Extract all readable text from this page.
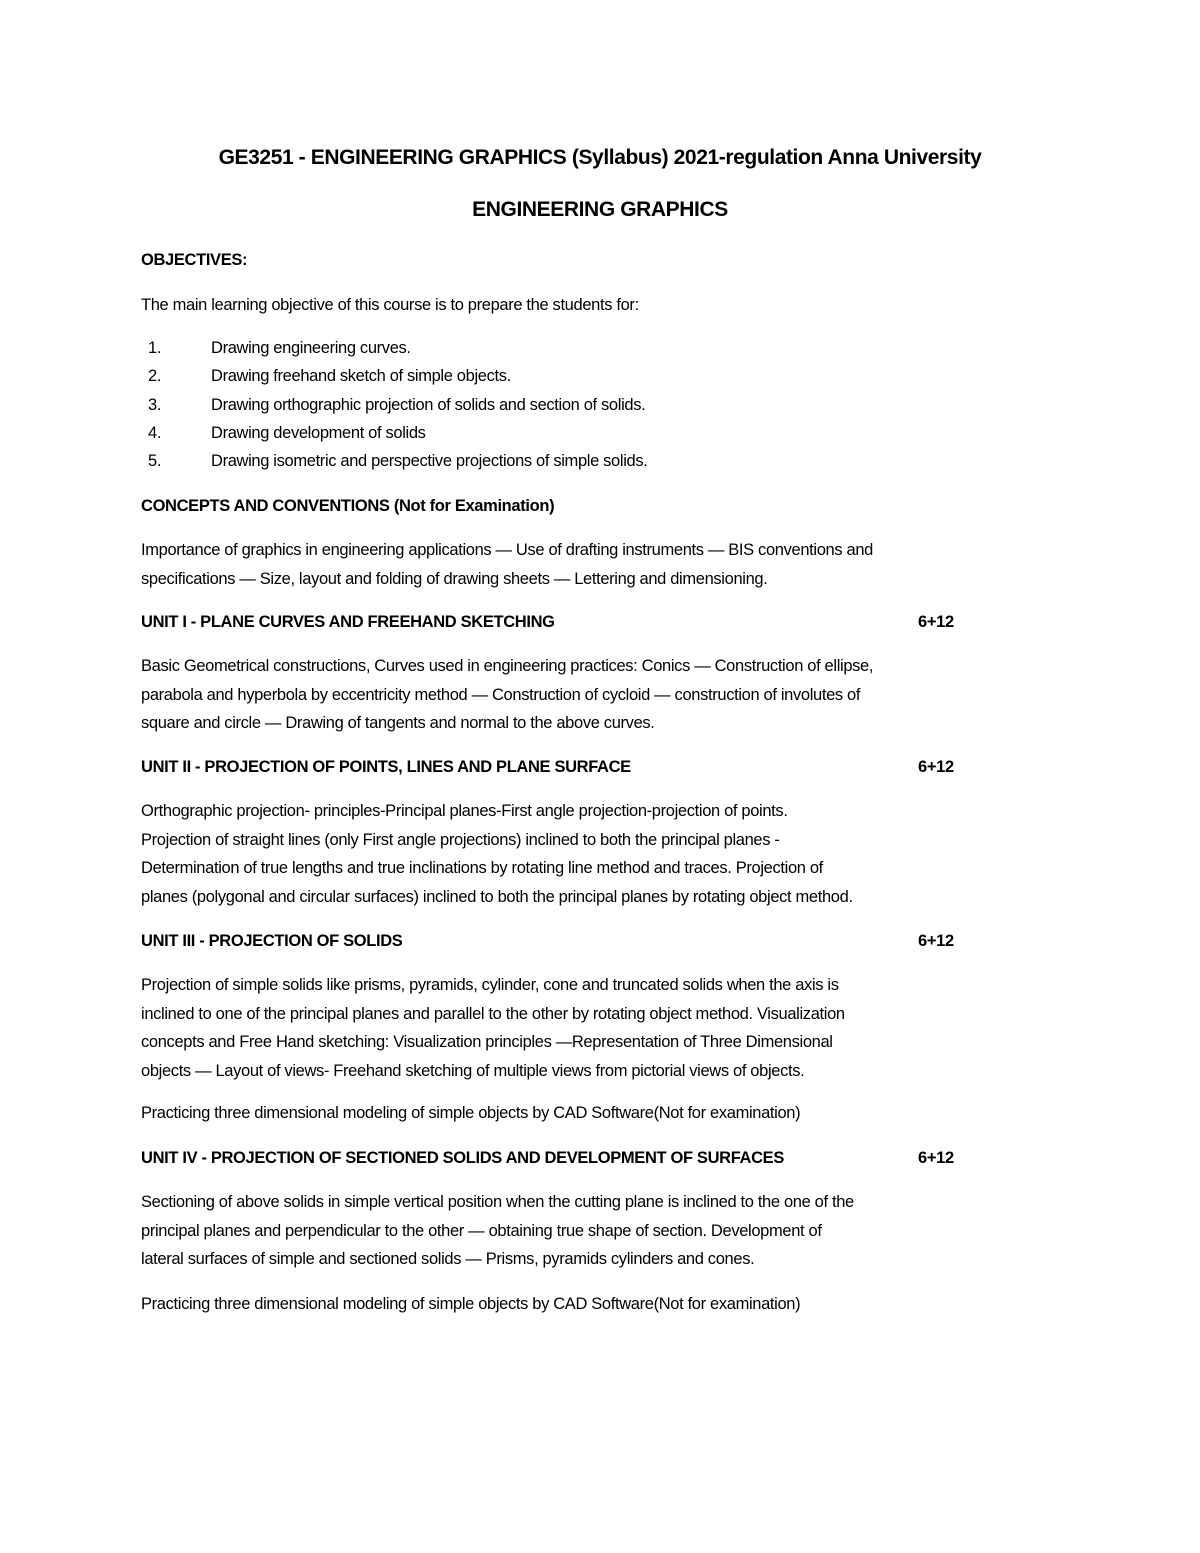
GE3251 - ENGINEERING GRAPHICS (Syllabus) 2021-regulation Anna University
ENGINEERING GRAPHICS
OBJECTIVES:
The main learning objective of this course is to prepare the students for:
1.	Drawing engineering curves.
2.	Drawing freehand sketch of simple objects.
3.	Drawing orthographic projection of solids and section of solids.
4.	Drawing development of solids
5.	Drawing isometric and perspective projections of simple solids.
CONCEPTS AND CONVENTIONS (Not for Examination)
Importance of graphics in engineering applications — Use of drafting instruments — BIS conventions and
specifications — Size, layout and folding of drawing sheets — Lettering and dimensioning.
UNIT I - PLANE CURVES AND FREEHAND SKETCHING	6+12
Basic Geometrical constructions, Curves used in engineering practices: Conics — Construction of ellipse,
parabola and hyperbola by eccentricity method — Construction of cycloid — construction of involutes of
square and circle — Drawing of tangents and normal to the above curves.
UNIT II - PROJECTION OF POINTS, LINES AND PLANE SURFACE	6+12
Orthographic projection- principles-Principal planes-First angle projection-projection of points.
Projection of straight lines (only First angle projections) inclined to both the principal planes -
Determination of true lengths and true inclinations by rotating line method and traces. Projection of
planes (polygonal and circular surfaces) inclined to both the principal planes by rotating object method.
UNIT III - PROJECTION OF SOLIDS	6+12
Projection of simple solids like prisms, pyramids, cylinder, cone and truncated solids when the axis is
inclined to one of the principal planes and parallel to the other by rotating object method. Visualization
concepts and Free Hand sketching: Visualization principles —Representation of Three Dimensional
objects — Layout of views- Freehand sketching of multiple views from pictorial views of objects.
Practicing three dimensional modeling of simple objects by CAD Software(Not for examination)
UNIT IV - PROJECTION OF SECTIONED SOLIDS AND DEVELOPMENT OF SURFACES	6+12
Sectioning of above solids in simple vertical position when the cutting plane is inclined to the one of the
principal planes and perpendicular to the other — obtaining true shape of section. Development of
lateral surfaces of simple and sectioned solids — Prisms, pyramids cylinders and cones.
Practicing three dimensional modeling of simple objects by CAD Software(Not for examination)
